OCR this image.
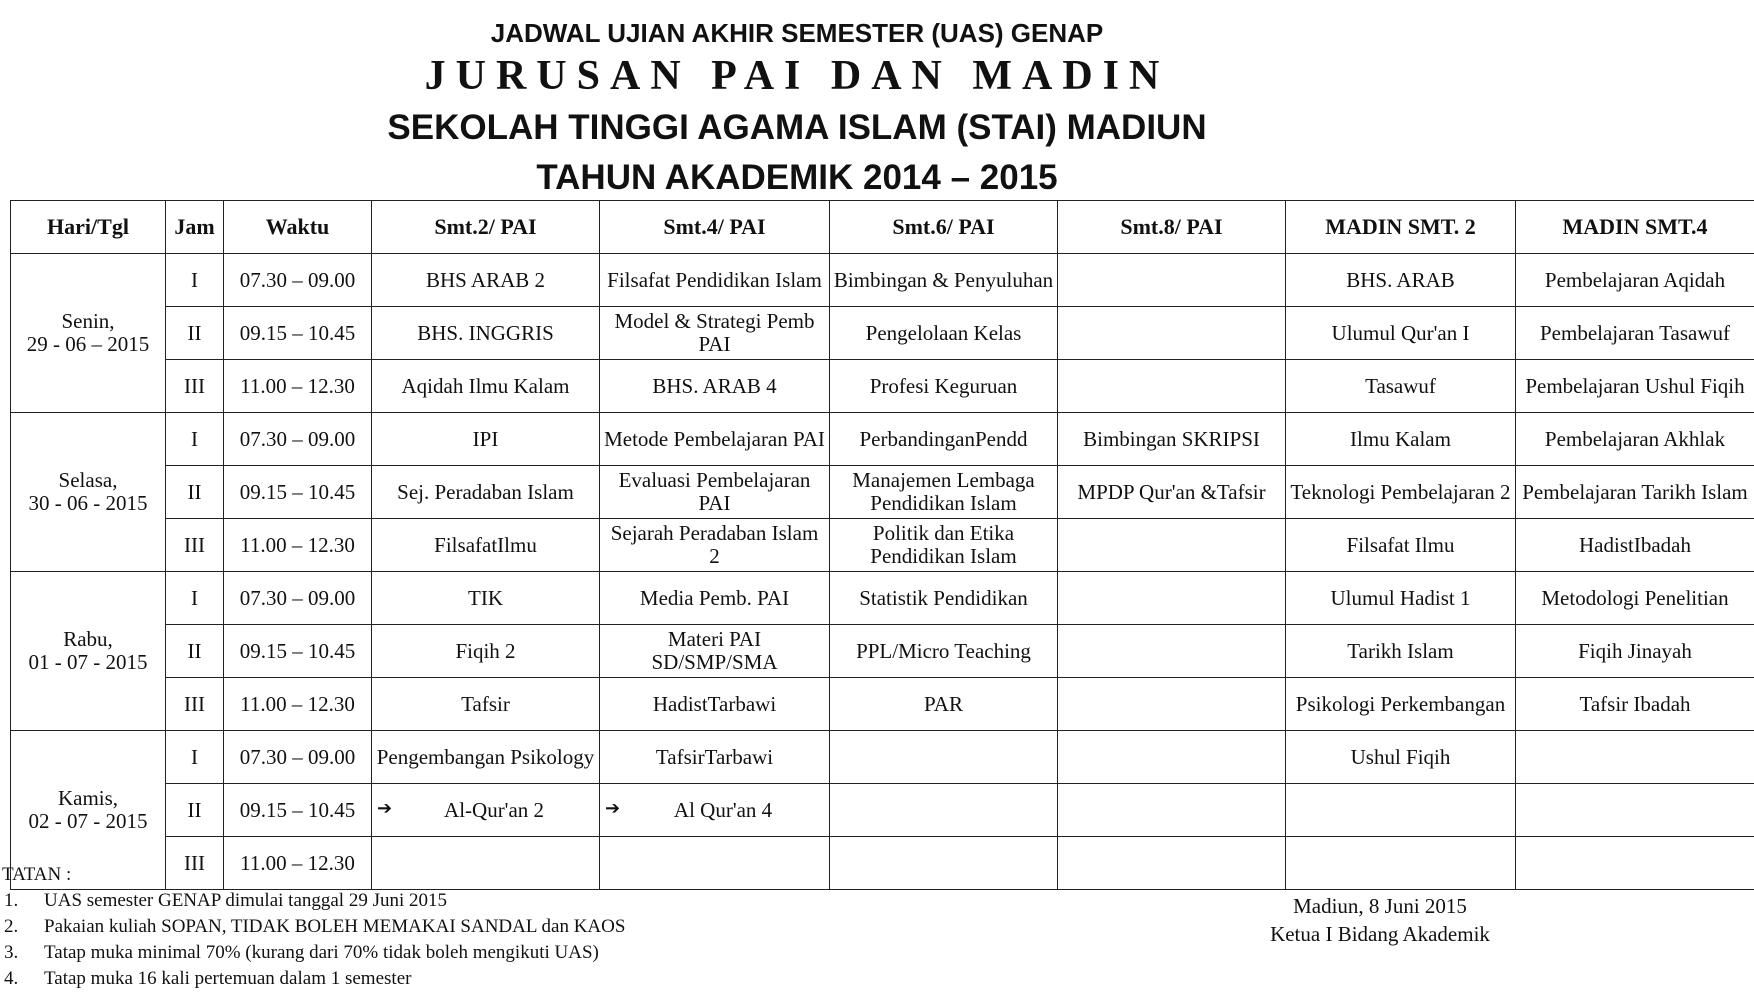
JADWAL UJIAN AKHIR SEMESTER (UAS) GENAP
JURUSAN PAI DAN MADIN
SEKOLAH TINGGI AGAMA ISLAM (STAI) MADIUN
TAHUN AKADEMIK 2014 – 2015
Hari/Tgl	Jam	Waktu	Smt.2/ PAI	Smt.4/ PAI	Smt.6/ PAI	Smt.8/ PAI	MADIN SMT. 2	MADIN SMT.4

Senin,
29 - 06 – 2015	I	07.30 – 09.00	BHS ARAB 2	Filsafat Pendidikan Islam	Bimbingan & Penyuluhan		BHS. ARAB	Pembelajaran Aqidah
	II	09.15 – 10.45	BHS. INGGRIS	Model & Strategi Pemb PAI	Pengelolaan Kelas		Ulumul Qur'an I	Pembelajaran Tasawuf
	III	11.00 – 12.30	Aqidah Ilmu Kalam	BHS. ARAB 4	Profesi Keguruan		Tasawuf	Pembelajaran Ushul Fiqih

Selasa,
30 - 06 - 2015	I	07.30 – 09.00	IPI	Metode Pembelajaran PAI	PerbandinganPendd	Bimbingan SKRIPSI	Ilmu Kalam	Pembelajaran Akhlak
	II	09.15 – 10.45	Sej. Peradaban Islam	Evaluasi Pembelajaran PAI	Manajemen Lembaga Pendidikan Islam	MPDP Qur'an &Tafsir	Teknologi Pembelajaran 2	Pembelajaran Tarikh Islam
	III	11.00 – 12.30	FilsafatIlmu	Sejarah Peradaban Islam 2	Politik dan Etika Pendidikan Islam		Filsafat Ilmu	HadistIbadah

Rabu,
01 - 07 - 2015	I	07.30 – 09.00	TIK	Media Pemb. PAI	Statistik Pendidikan		Ulumul Hadist 1	Metodologi Penelitian
	II	09.15 – 10.45	Fiqih 2	Materi PAI SD/SMP/SMA	PPL/Micro Teaching		Tarikh Islam	Fiqih Jinayah
	III	11.00 – 12.30	Tafsir	HadistTarbawi	PAR		Psikologi Perkembangan	Tafsir Ibadah

Kamis,
02 - 07 - 2015	I	07.30 – 09.00	Pengembangan Psikology	TafsirTarbawi			Ushul Fiqih	
	II	09.15 – 10.45	➔ Al-Qur'an 2	➔ Al Qur'an 4				
	III	11.00 – 12.30						
TATAN :
1.	UAS semester GENAP dimulai tanggal 29 Juni 2015
2.	Pakaian kuliah SOPAN, TIDAK BOLEH MEMAKAI SANDAL dan KAOS
3.	Tatap muka minimal 70% (kurang dari 70% tidak boleh mengikuti UAS)
4.	Tatap muka 16 kali pertemuan dalam 1 semester
Madiun, 8 Juni 2015
Ketua I Bidang Akademik
